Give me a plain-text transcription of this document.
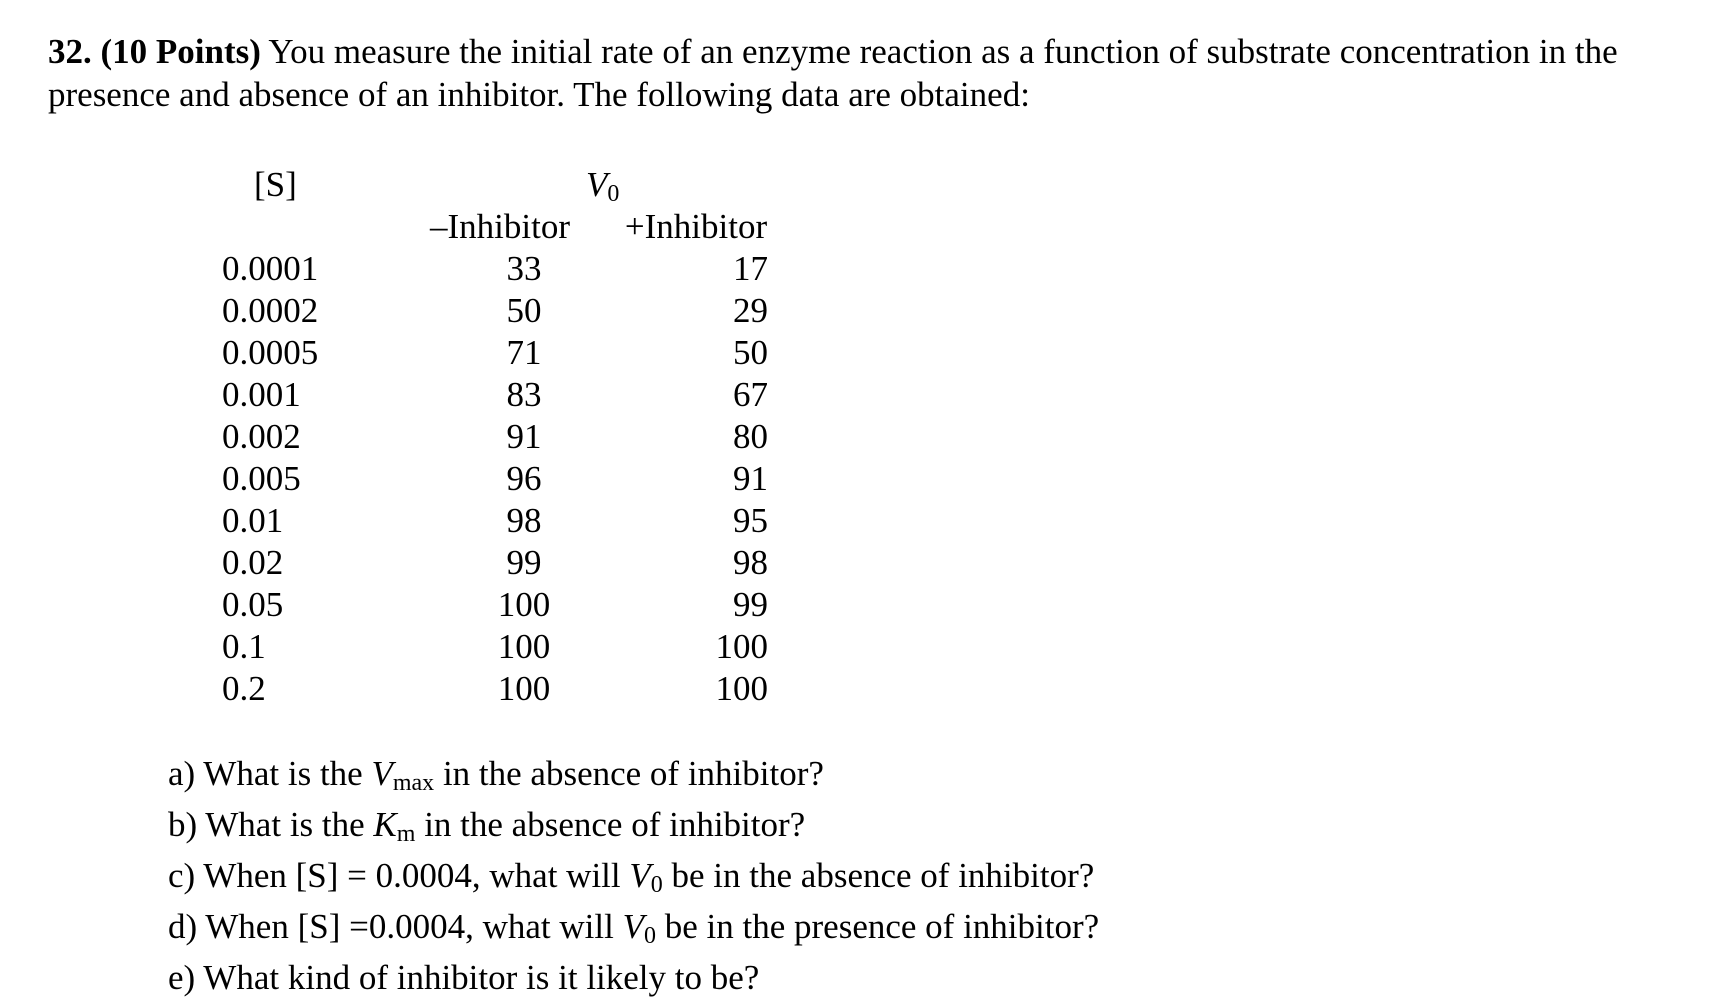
32. (10 Points) You measure the initial rate of an enzyme reaction as a function of substrate concentration in the presence and absence of an inhibitor. The following data are obtained:
[S]
0.0001
0.0002
0.0005
0.001
0.002
0.005
0.01
0.02
0.05
0.1
0.2
$V_0$
–Inhibitor
33
50
71
83
91
96
98
99
100
100
100
+Inhibitor
17
29
50
67
80
91
95
98
99
100
100
a) What is the $V_{max}$ in the absence of inhibitor?
b) What is the $K_m$ in the absence of inhibitor?
c) When [S] = 0.0004, what will $V_0$ be in the absence of inhibitor?
d) When [S] =0.0004, what will $V_0$ be in the presence of inhibitor?
e) What kind of inhibitor is it likely to be?
